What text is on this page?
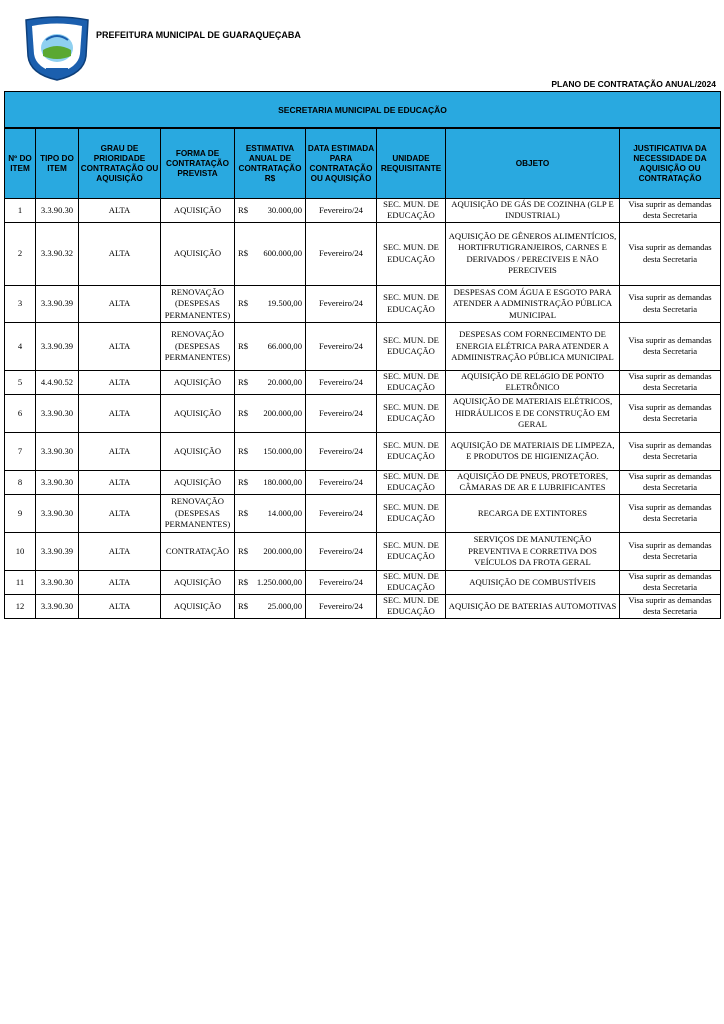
PREFEITURA MUNICIPAL DE GUARAQUEÇABA
PLANO DE CONTRATAÇÃO ANUAL/2024
SECRETARIA MUNICIPAL DE EDUCAÇÃO								
Nº DO ITEM	TIPO DO ITEM	GRAU DE PRIORIDADE CONTRATAÇÃO OU AQUISIÇÃO	FORMA DE CONTRATAÇÃO PREVISTA	ESTIMATIVA ANUAL DE CONTRATAÇÃO R$	DATA ESTIMADA PARA CONTRATAÇÃO OU AQUISIÇÃO	UNIDADE REQUISITANTE	OBJETO	JUSTIFICATIVA DA NECESSIDADE DA AQUISIÇÃO OU CONTRATAÇÃO
1	3.3.90.30	ALTA	AQUISIÇÃO	R$ 30.000,00	Fevereiro/24	SEC. MUN. DE EDUCAÇÃO	AQUISIÇÃO DE GÁS DE COZINHA (GLP E INDUSTRIAL)	Visa suprir as demandas desta Secretaria
2	3.3.90.32	ALTA	AQUISIÇÃO	R$ 600.000,00	Fevereiro/24	SEC. MUN. DE EDUCAÇÃO	AQUISIÇÃO DE GÊNEROS ALIMENTÍCIOS, HORTIFRUTIGRANJEIROS, CARNES E DERIVADOS / PERECIVEIS E NÃO PERECIVEIS	Visa suprir as demandas desta Secretaria
3	3.3.90.39	ALTA	RENOVAÇÃO (DESPESAS PERMANENTES)	R$ 19.500,00	Fevereiro/24	SEC. MUN. DE EDUCAÇÃO	DESPESAS COM ÁGUA E ESGOTO PARA ATENDER A ADMINISTRAÇÃO PÚBLICA MUNICIPAL	Visa suprir as demandas desta Secretaria
4	3.3.90.39	ALTA	RENOVAÇÃO (DESPESAS PERMANENTES)	R$ 66.000,00	Fevereiro/24	SEC. MUN. DE EDUCAÇÃO	DESPESAS COM FORNECIMENTO DE ENERGIA ELÉTRICA PARA ATENDER A ADMIINISTRAÇÃO PÚBLICA MUNICIPAL	Visa suprir as demandas desta Secretaria
5	4.4.90.52	ALTA	AQUISIÇÃO	R$ 20.000,00	Fevereiro/24	SEC. MUN. DE EDUCAÇÃO	AQUISIÇÃO DE RELóGIO DE PONTO ELETRÔNICO	Visa suprir as demandas desta Secretaria
6	3.3.90.30	ALTA	AQUISIÇÃO	R$ 200.000,00	Fevereiro/24	SEC. MUN. DE EDUCAÇÃO	AQUISIÇÃO DE MATERIAIS ELÉTRICOS, HIDRÁULICOS E DE CONSTRUÇÃO EM GERAL	Visa suprir as demandas desta Secretaria
7	3.3.90.30	ALTA	AQUISIÇÃO	R$ 150.000,00	Fevereiro/24	SEC. MUN. DE EDUCAÇÃO	AQUISIÇÃO DE MATERIAIS DE LIMPEZA, E PRODUTOS DE HIGIENIZAÇÃO.	Visa suprir as demandas desta Secretaria
8	3.3.90.30	ALTA	AQUISIÇÃO	R$ 180.000,00	Fevereiro/24	SEC. MUN. DE EDUCAÇÃO	AQUISIÇÃO DE PNEUS, PROTETORES, CÂMARAS DE AR E LUBRIFICANTES	Visa suprir as demandas desta Secretaria
9	3.3.90.30	ALTA	RENOVAÇÃO (DESPESAS PERMANENTES)	R$ 14.000,00	Fevereiro/24	SEC. MUN. DE EDUCAÇÃO	RECARGA DE EXTINTORES	Visa suprir as demandas desta Secretaria
10	3.3.90.39	ALTA	CONTRATAÇÃO	R$ 200.000,00	Fevereiro/24	SEC. MUN. DE EDUCAÇÃO	SERVIÇOS DE MANUTENÇÃO PREVENTIVA E CORRETIVA DOS VEÍCULOS DA FROTA GERAL	Visa suprir as demandas desta Secretaria
11	3.3.90.30	ALTA	AQUISIÇÃO	R$ 1.250.000,00	Fevereiro/24	SEC. MUN. DE EDUCAÇÃO	AQUISIÇÃO DE COMBUSTÍVEIS	Visa suprir as demandas desta Secretaria
12	3.3.90.30	ALTA	AQUISIÇÃO	R$ 25.000,00	Fevereiro/24	SEC. MUN. DE EDUCAÇÃO	AQUISIÇÃO DE BATERIAS AUTOMOTIVAS	Visa suprir as demandas desta Secretaria
